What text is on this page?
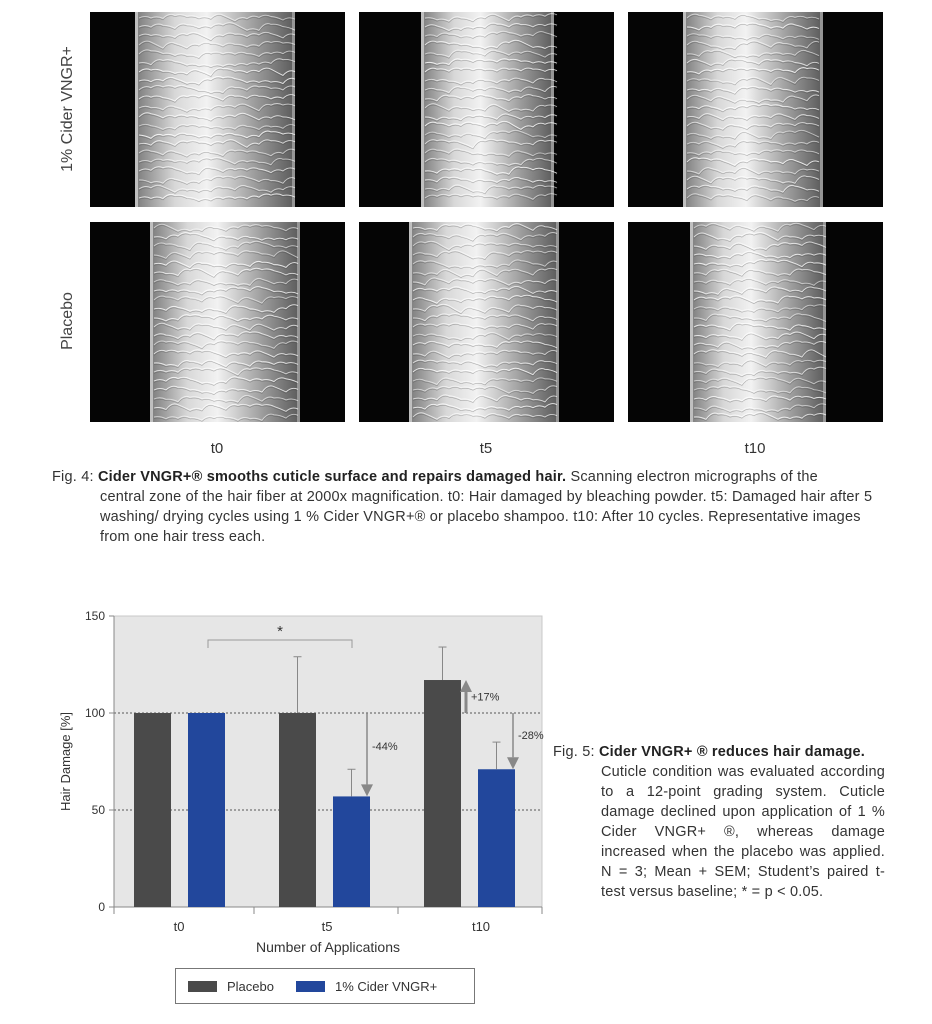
1% Cider VNGR+
Placebo
t0	t5	t10
Fig. 4: Cider VNGR+® smooths cuticle surface and repairs damaged hair. Scanning electron micrographs of the
central zone of the hair fiber at 2000x magnification. t0: Hair damaged by bleaching powder. t5: Damaged hair after 5 washing/ drying cycles using 1 % Cider VNGR+® or placebo shampoo. t10: After 10 cycles. Representative images from one hair tress each.
0
50
100
150
t0	t5	t10
Number of Applications
Hair Damage [%]
*
-44%
+17%
-28%
Placebo	1% Cider VNGR+
Fig. 5: Cider VNGR+ ® reduces hair damage.
Cuticle condition was evaluated according to a 12-point grading system. Cuticle damage declined upon application of 1 % Cider VNGR+ ®, whereas damage increased when the placebo was applied. N = 3; Mean + SEM; Student’s paired t-test versus baseline; * = p < 0.05.
